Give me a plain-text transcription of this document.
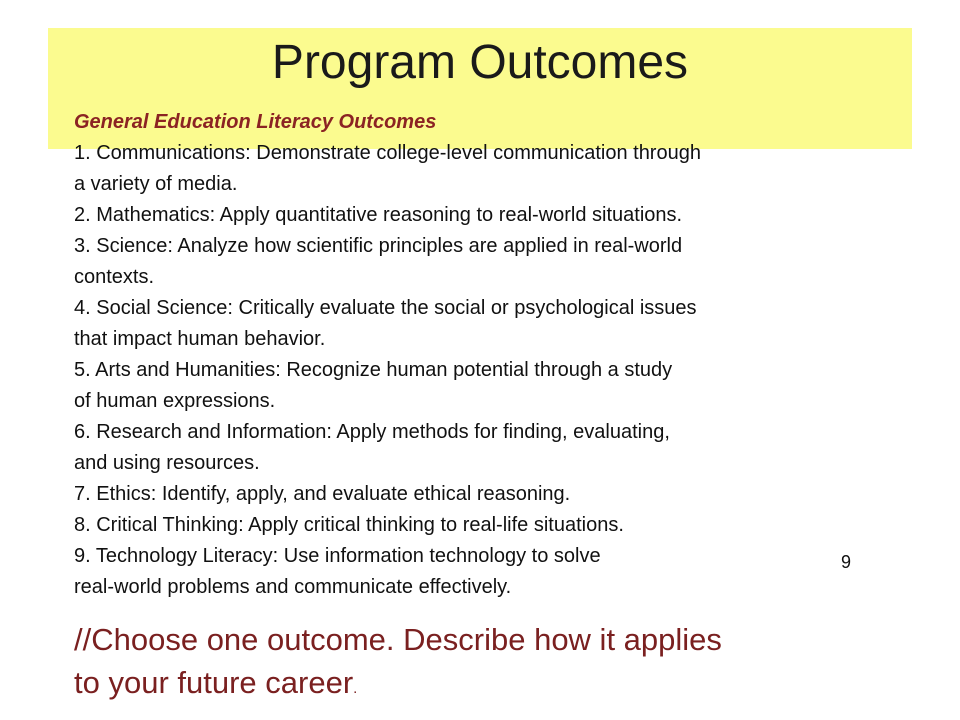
Program Outcomes
General Education Literacy Outcomes
1. Communications: Demonstrate college-level communication through
a variety of media.
2. Mathematics: Apply quantitative reasoning to real-world situations.
3. Science: Analyze how scientific principles are applied in real-world
contexts.
4. Social Science: Critically evaluate the social or psychological issues
that impact human behavior.
5. Arts and Humanities: Recognize human potential through a study
of human expressions.
6. Research and Information: Apply methods for finding, evaluating,
and using resources.
7. Ethics: Identify, apply, and evaluate ethical reasoning.
8. Critical Thinking: Apply critical thinking to real-life situations.
9. Technology Literacy: Use information technology to solve
real-world problems and communicate effectively.
9
//Choose one outcome. Describe how it applies
to your future career.
